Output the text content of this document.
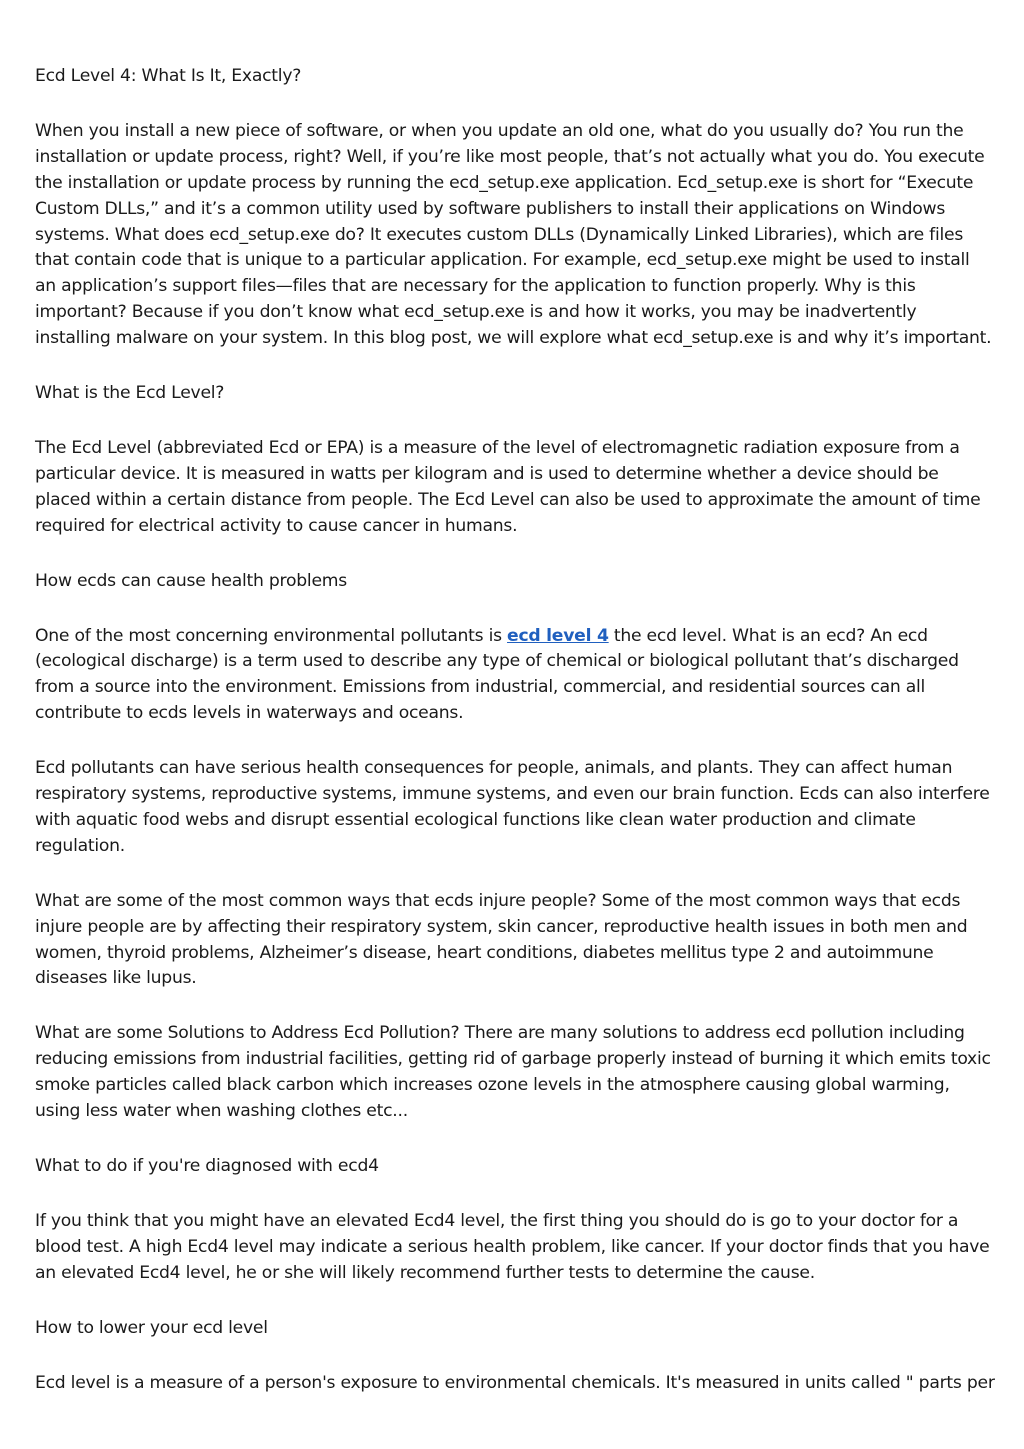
Ecd Level 4: What Is It, Exactly?

When you install a new piece of software, or when you update an old one, what do you usually do? You run the installation or update process, right? Well, if you’re like most people, that’s not actually what you do. You execute the installation or update process by running the ecd_setup.exe application. Ecd_setup.exe is short for “Execute Custom DLLs,” and it’s a common utility used by software publishers to install their applications on Windows systems. What does ecd_setup.exe do? It executes custom DLLs (Dynamically Linked Libraries), which are files that contain code that is unique to a particular application. For example, ecd_setup.exe might be used to install an application’s support files—files that are necessary for the application to function properly. Why is this important? Because if you don’t know what ecd_setup.exe is and how it works, you may be inadvertently installing malware on your system. In this blog post, we will explore what ecd_setup.exe is and why it’s important.

What is the Ecd Level?

The Ecd Level (abbreviated Ecd or EPA) is a measure of the level of electromagnetic radiation exposure from a particular device. It is measured in watts per kilogram and is used to determine whether a device should be placed within a certain distance from people. The Ecd Level can also be used to approximate the amount of time required for electrical activity to cause cancer in humans.

How ecds can cause health problems

One of the most concerning environmental pollutants is ecd level 4 the ecd level. What is an ecd? An ecd (ecological discharge) is a term used to describe any type of chemical or biological pollutant that’s discharged from a source into the environment. Emissions from industrial, commercial, and residential sources can all contribute to ecds levels in waterways and oceans.

Ecd pollutants can have serious health consequences for people, animals, and plants. They can affect human respiratory systems, reproductive systems, immune systems, and even our brain function. Ecds can also interfere with aquatic food webs and disrupt essential ecological functions like clean water production and climate regulation.

What are some of the most common ways that ecds injure people? Some of the most common ways that ecds injure people are by affecting their respiratory system, skin cancer, reproductive health issues in both men and women, thyroid problems, Alzheimer’s disease, heart conditions, diabetes mellitus type 2 and autoimmune diseases like lupus.

What are some Solutions to Address Ecd Pollution? There are many solutions to address ecd pollution including reducing emissions from industrial facilities, getting rid of garbage properly instead of burning it which emits toxic smoke particles called black carbon which increases ozone levels in the atmosphere causing global warming, using less water when washing clothes etc...

What to do if you're diagnosed with ecd4

If you think that you might have an elevated Ecd4 level, the first thing you should do is go to your doctor for a blood test. A high Ecd4 level may indicate a serious health problem, like cancer. If your doctor finds that you have an elevated Ecd4 level, he or she will likely recommend further tests to determine the cause.

How to lower your ecd level

Ecd level is a measure of a person's exposure to environmental chemicals. It's measured in units called " parts per
